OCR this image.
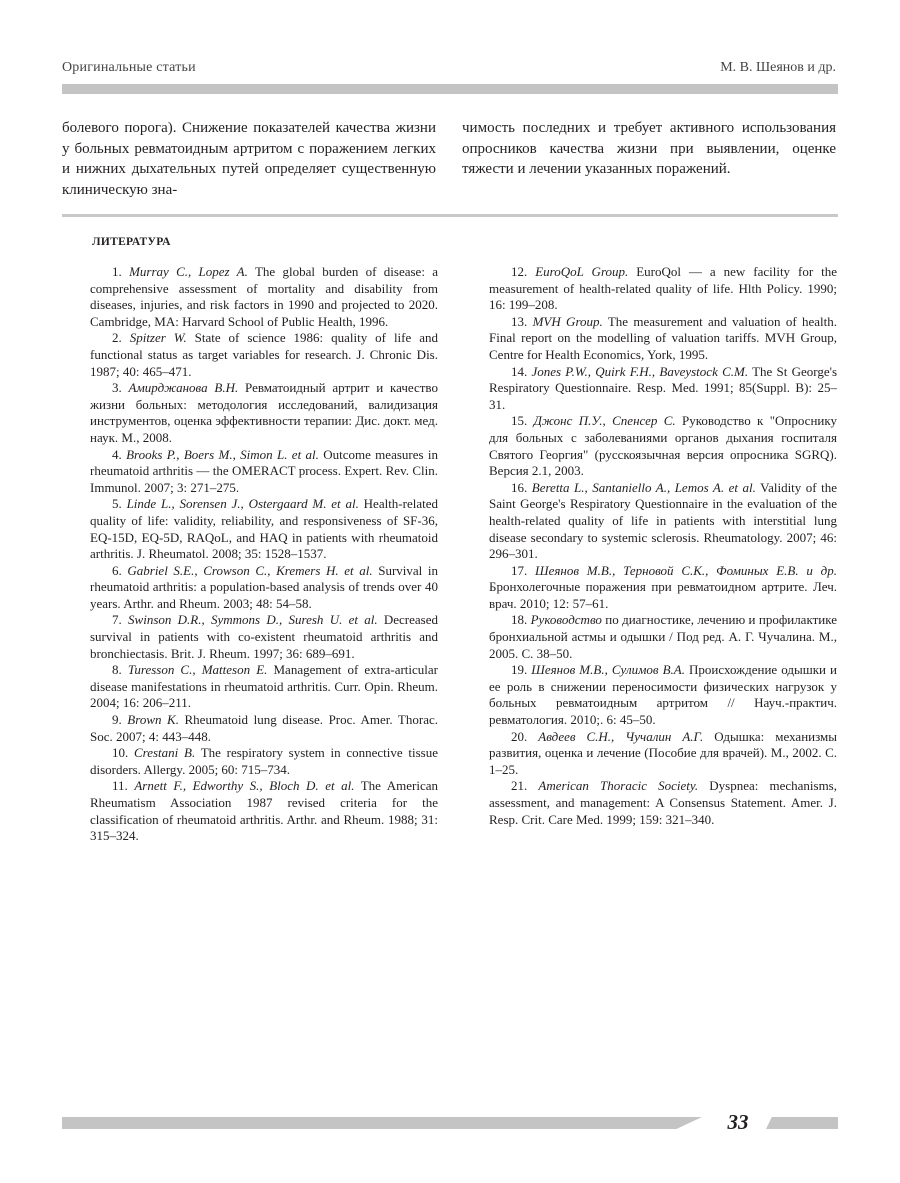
Оригинальные статьи	М. В. Шеянов и др.
болевого порога). Снижение показателей качества жизни у больных ревматоидным артритом с поражением легких и нижних дыхательных путей определяет существенную клиническую зна-
чимость последних и требует активного использования опросников качества жизни при выявлении, оценке тяжести и лечении указанных поражений.
ЛИТЕРАТУРА

1. Murray C., Lopez A. The global burden of disease: a comprehensive assessment of mortality and disability from diseases, injuries, and risk factors in 1990 and projected to 2020. Cambridge, MA: Harvard School of Public Health, 1996.

2. Spitzer W. State of science 1986: quality of life and functional status as target variables for research. J. Chronic Dis. 1987; 40: 465–471.

3. Амирджанова В.Н. Ревматоидный артрит и качество жизни больных: методология исследований, валидизация инструментов, оценка эффективности терапии: Дис. докт. мед. наук. М., 2008.

4. Brooks P., Boers M., Simon L. et al. Outcome measures in rheumatoid arthritis — the OMERACT process. Expert. Rev. Clin. Immunol. 2007; 3: 271–275.

5. Linde L., Sorensen J., Ostergaard M. et al. Health-related quality of life: validity, reliability, and responsiveness of SF-36, EQ-15D, EQ-5D, RAQoL, and HAQ in patients with rheumatoid arthritis. J. Rheumatol. 2008; 35: 1528–1537.

6. Gabriel S.E., Crowson C., Kremers H. et al. Survival in rheumatoid arthritis: a population-based analysis of trends over 40 years. Arthr. and Rheum. 2003; 48: 54–58.

7. Swinson D.R., Symmons D., Suresh U. et al. Decreased survival in patients with co-existent rheumatoid arthritis and bronchiectasis. Brit. J. Rheum. 1997; 36: 689–691.

8. Turesson C., Matteson E. Management of extra-articular disease manifestations in rheumatoid arthritis. Curr. Opin. Rheum. 2004; 16: 206–211.

9. Brown K. Rheumatoid lung disease. Proc. Amer. Thorac. Soc. 2007; 4: 443–448.

10. Crestani B. The respiratory system in connective tissue disorders. Allergy. 2005; 60: 715–734.

11. Arnett F., Edworthy S., Bloch D. et al. The American Rheumatism Association 1987 revised criteria for the classification of rheumatoid arthritis. Arthr. and Rheum. 1988; 31: 315–324.

12. EuroQoL Group. EuroQol — a new facility for the measurement of health-related quality of life. Hlth Policy. 1990; 16: 199–208.

13. MVH Group. The measurement and valuation of health. Final report on the modelling of valuation tariffs. MVH Group, Centre for Health Economics, York, 1995.

14. Jones P.W., Quirk F.H., Baveystock C.M. The St George's Respiratory Questionnaire. Resp. Med. 1991; 85(Suppl. B): 25–31.

15. Джонс П.У., Спенсер С. Руководство к "Опроснику для больных с заболеваниями органов дыхания госпиталя Святого Георгия" (русскоязычная версия опросника SGRQ). Версия 2.1, 2003.

16. Beretta L., Santaniello A., Lemos A. et al. Validity of the Saint George's Respiratory Questionnaire in the evaluation of the health-related quality of life in patients with interstitial lung disease secondary to systemic sclerosis. Rheumatology. 2007; 46: 296–301.

17. Шеянов М.В., Терновой С.К., Фоминых Е.В. и др. Бронхолегочные поражения при ревматоидном артрите. Леч. врач. 2010; 12: 57–61.

18. Руководство по диагностике, лечению и профилактике бронхиальной астмы и одышки / Под ред. А. Г. Чучалина. М., 2005. С. 38–50.

19. Шеянов М.В., Сулимов В.А. Происхождение одышки и ее роль в снижении переносимости физических нагрузок у больных ревматоидным артритом // Науч.-практич. ревматология. 2010;. 6: 45–50.

20. Авдеев С.Н., Чучалин А.Г. Одышка: механизмы развития, оценка и лечение (Пособие для врачей). М., 2002. С. 1–25.

21. American Thoracic Society. Dyspnea: mechanisms, assessment, and management: A Consensus Statement. Amer. J. Resp. Crit. Care Med. 1999; 159: 321–340.

33
